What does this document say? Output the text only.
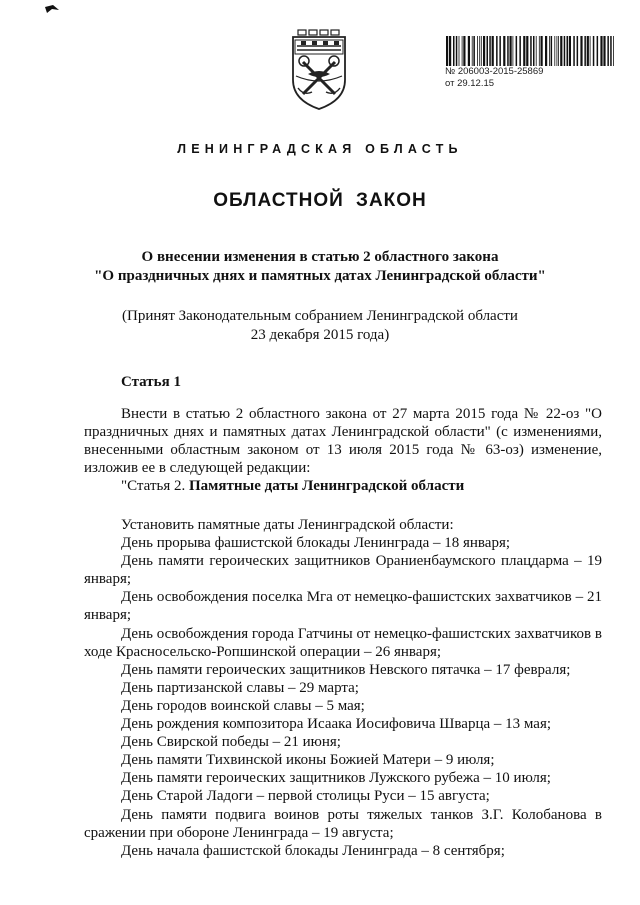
№ 206003-2015-25869
от 29.12.15
ЛЕНИНГРАДСКАЯ ОБЛАСТЬ
ОБЛАСТНОЙ ЗАКОН

О внесении изменения в статью 2 областного закона

"О праздничных днях и памятных датах Ленинградской области"

(Принят Законодательным собранием Ленинградской области

23 декабря 2015 года)

Статья 1

Внести в статью 2 областного закона от 27 марта 2015 года № 22-оз "О праздничных днях и памятных датах Ленинградской области" (с изменениями, внесенными областным законом от 13 июля 2015 года № 63-оз) изменение, изложив ее в следующей редакции:

"Статья 2. Памятные даты Ленинградской области

Установить памятные даты Ленинградской области:

День прорыва фашистской блокады Ленинграда – 18 января;

День памяти героических защитников Ораниенбаумского плацдарма – 19 января;

День освобождения поселка Мга от немецко-фашистских захватчиков – 21 января;

День освобождения города Гатчины от немецко-фашистских захватчиков в ходе Красносельско-Ропшинской операции – 26 января;

День памяти героических защитников Невского пятачка – 17 февраля;

День партизанской славы – 29 марта;

День городов воинской славы – 5 мая;

День рождения композитора Исаака Иосифовича Шварца – 13 мая;

День Свирской победы – 21 июня;

День памяти Тихвинской иконы Божией Матери – 9 июля;

День памяти героических защитников Лужского рубежа – 10 июля;

День Старой Ладоги – первой столицы Руси – 15 августа;

День памяти подвига воинов роты тяжелых танков З.Г. Колобанова в сражении при обороне Ленинграда – 19 августа;

День начала фашистской блокады Ленинграда – 8 сентября;
